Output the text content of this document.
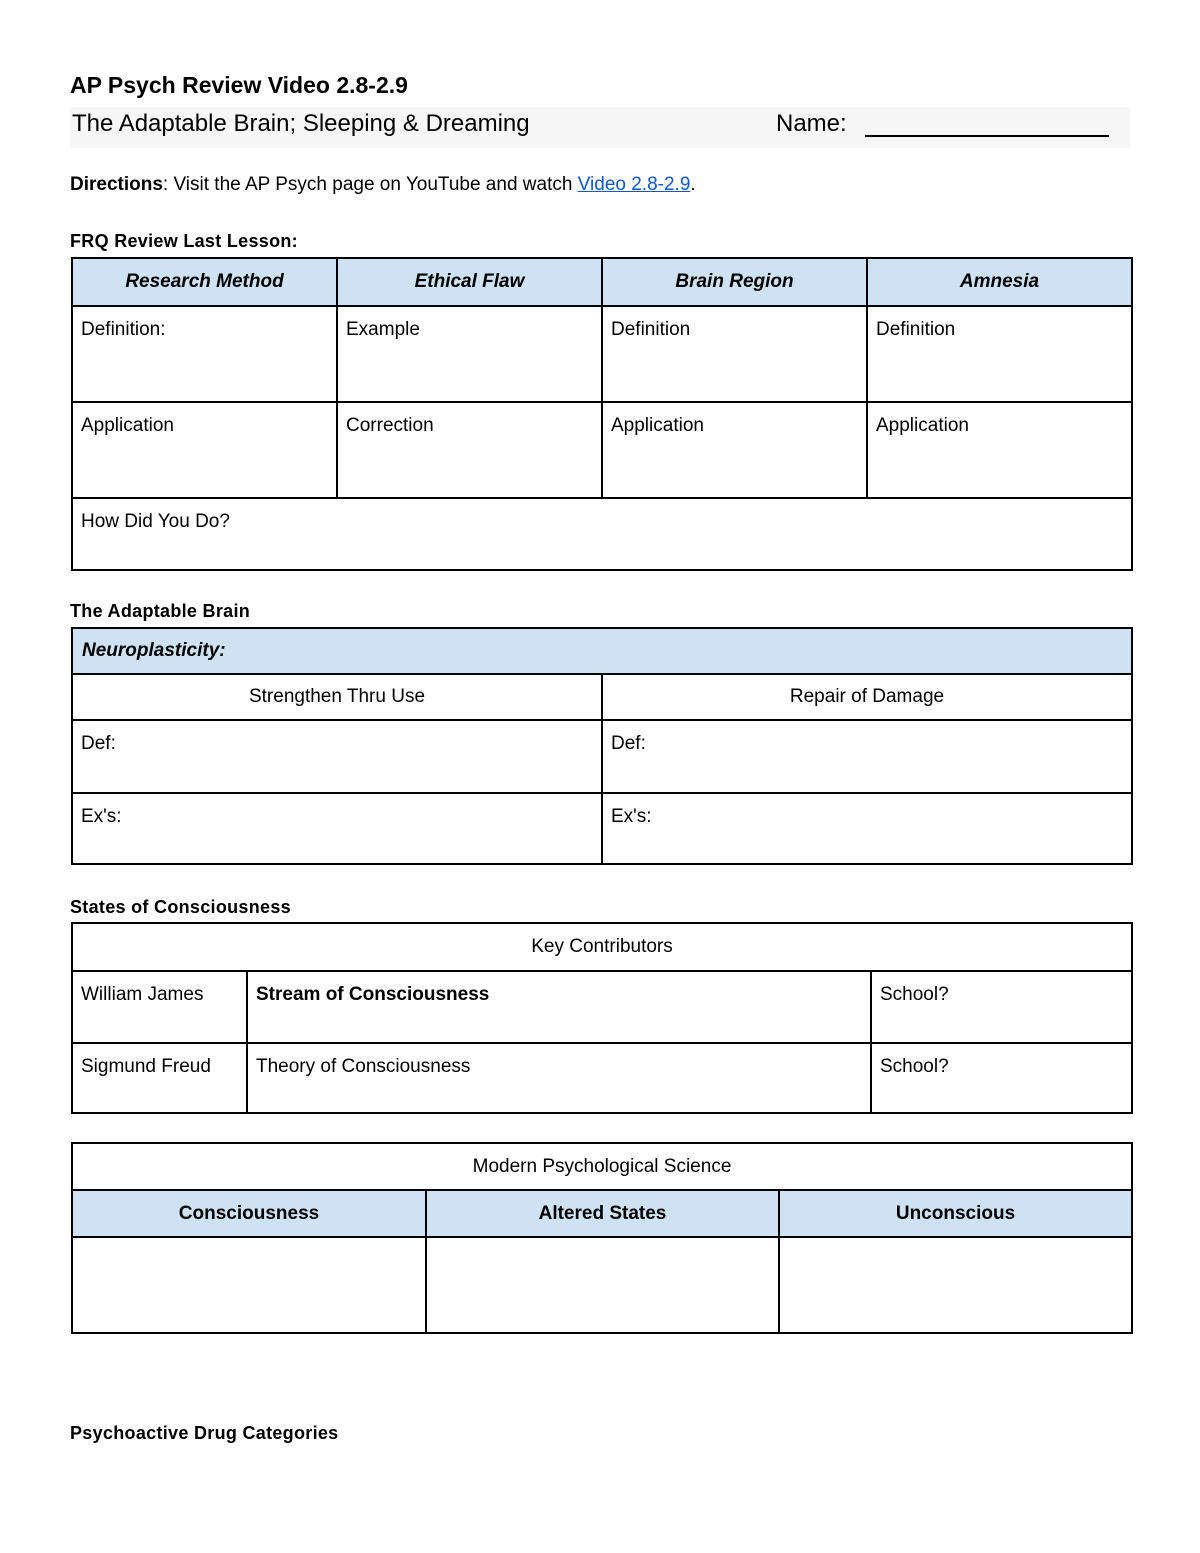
AP Psych Review Video 2.8-2.9
The Adaptable Brain; Sleeping & Dreaming	Name:
Directions: Visit the AP Psych page on YouTube and watch Video 2.8-2.9.
FRQ Review Last Lesson:
Research Method	Ethical Flaw	Brain Region	Amnesia
Definition:	Example	Definition	Definition
Application	Correction	Application	Application
How Did You Do?			
The Adaptable Brain
Neuroplasticity:	
Strengthen Thru Use	Repair of Damage
Def:	Def:
Ex's:	Ex's:
States of Consciousness
Key Contributors		
William James	Stream of Consciousness	School?
Sigmund Freud	Theory of Consciousness	School?
Modern Psychological Science		
Consciousness	Altered States	Unconscious

Psychoactive Drug Categories
